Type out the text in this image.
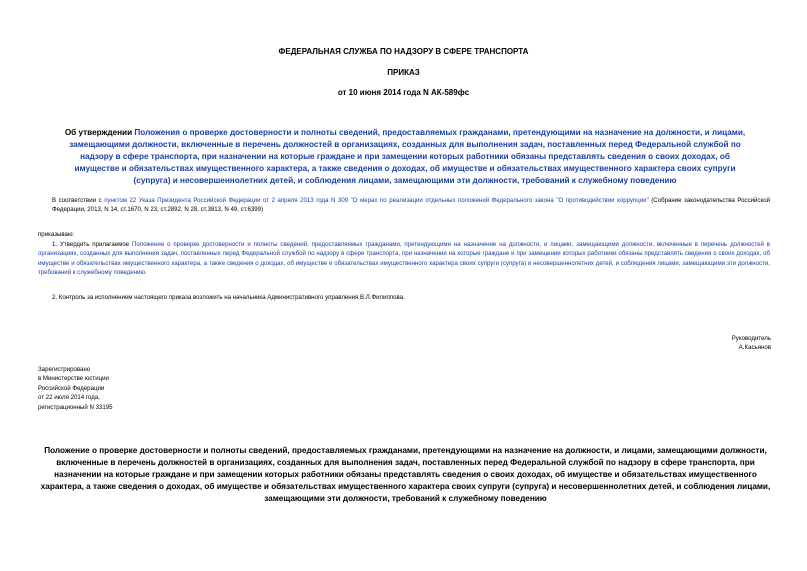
ФЕДЕРАЛЬНАЯ СЛУЖБА ПО НАДЗОРУ В СФЕРЕ ТРАНСПОРТА
ПРИКАЗ
от 10 июня 2014 года N АК-589фс
Об утверждении Положения о проверке достоверности и полноты сведений, предоставляемых гражданами, претендующими на назначение на должности, и лицами, замещающими должности, включенные в перечень должностей в организациях, созданных для выполнения задач, поставленных перед Федеральной службой по надзору в сфере транспорта, при назначении на которые граждане и при замещении которых работники обязаны представлять сведения о своих доходах, об имуществе и обязательствах имущественного характера, а также сведения о доходах, об имуществе и обязательствах имущественного характера своих супруги (супруга) и несовершеннолетних детей, и соблюдения лицами, замещающими эти должности, требований к служебному поведению
В соответствии с пунктом 22 Указа Президента Российской Федерации от 2 апреля 2013 года N 309 "О мерах по реализации отдельных положений Федерального закона "О противодействии коррупции" (Собрание законодательства Российской Федерации, 2013, N 14, ст.1670, N 23, ст.2892, N 28, ст.3813, N 49, ст.6399)
приказываю:
1. Утвердить прилагаемое Положение о проверке достоверности и полноты сведений, предоставляемых гражданами, претендующими на назначение на должности, и лицами, замещающими должности, включенные в перечень должностей в организациях, созданных для выполнения задач, поставленных перед Федеральной службой по надзору в сфере транспорта, при назначении на которые граждане и при замещении которых работники обязаны представлять сведения о своих доходах, об имуществе и обязательствах имущественного характера, а также сведения о доходах, об имуществе и обязательствах имущественного характера своих супруги (супруга) и несовершеннолетних детей, и соблюдения лицами, замещающими эти должности, требований к служебному поведению.
2. Контроль за исполнением настоящего приказа возложить на начальника Административного управления В.Л.Филиппова.
Руководитель
А.Касьянов
Зарегистрировано
в Министерстве юстиции
Российской Федерации
от 22 июля 2014 года,
регистрационный N 33195
Положение о проверке достоверности и полноты сведений, предоставляемых гражданами, претендующими на назначение на должности, и лицами, замещающими должности, включенные в перечень должностей в организациях, созданных для выполнения задач, поставленных перед Федеральной службой по надзору в сфере транспорта, при назначении на которые граждане и при замещении которых работники обязаны представлять сведения о своих доходах, об имуществе и обязательствах имущественного характера, а также сведения о доходах, об имуществе и обязательствах имущественного характера своих супруги (супруга) и несовершеннолетних детей, и соблюдения лицами, замещающими эти должности, требований к служебному поведению
